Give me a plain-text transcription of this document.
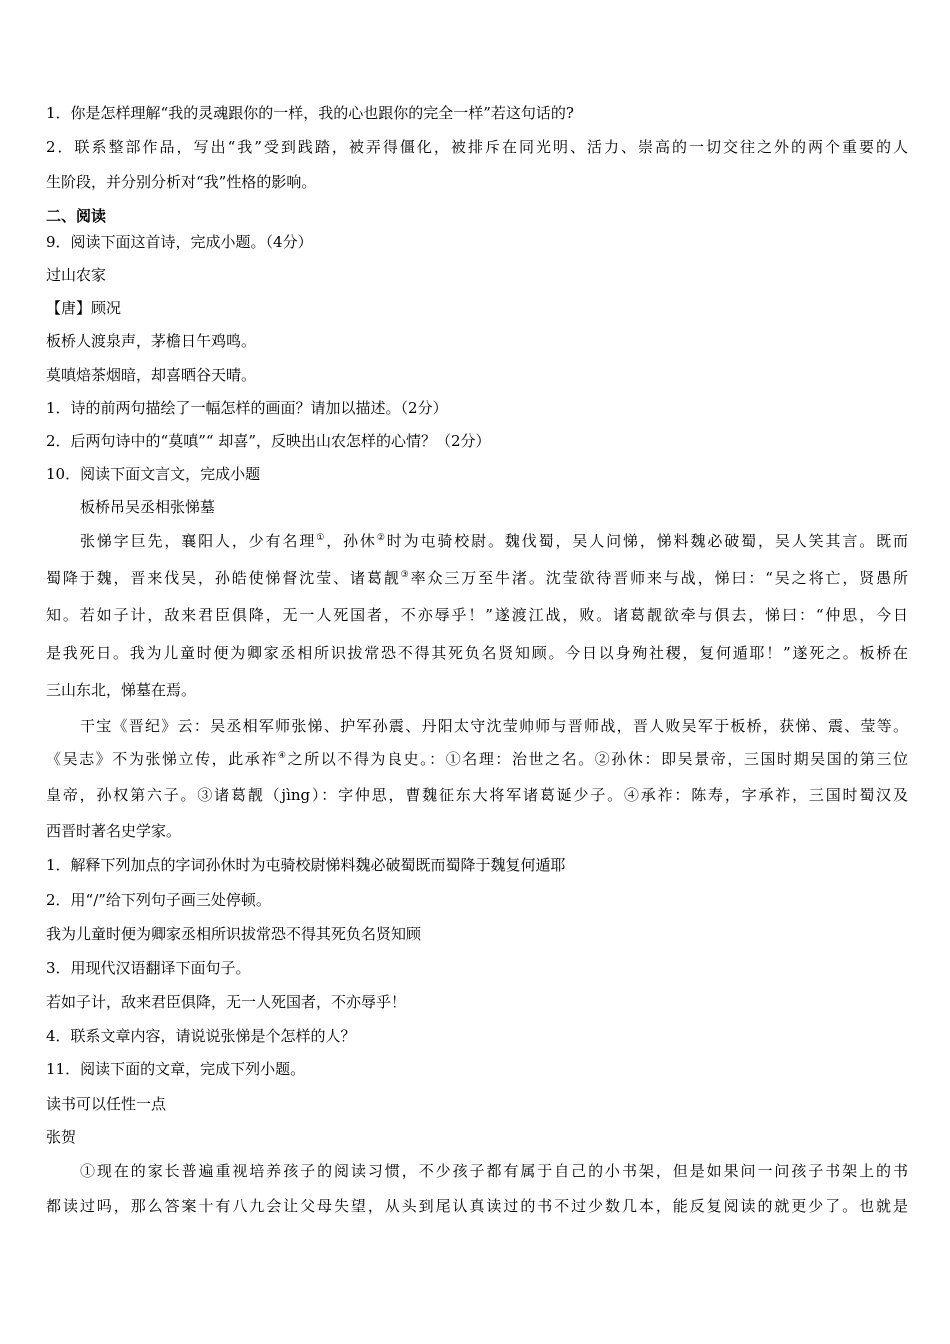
1．你是怎样理解“我的灵魂跟你的一样，我的心也跟你的完全一样”若这句话的?
2．联系整部作品，写出“我”受到践踏，被弄得僵化，被排斥在同光明、活力、崇高的一切交往之外的两个重要的人
生阶段，并分别分析对“我”性格的影响。
二、阅读
9．阅读下面这首诗，完成小题。（4分）
过山农家
【唐】顾况
板桥人渡泉声，茅檐日午鸡鸣。
莫嗔焙茶烟暗，却喜晒谷天晴。
1．诗的前两句描绘了一幅怎样的画面？请加以描述。（2分）
2．后两句诗中的“莫嗔”“ 却喜”，反映出山农怎样的心情？（2分）
10．阅读下面文言文，完成小题
板桥吊吴丞相张悌墓
张悌字巨先，襄阳人，少有名理①，孙休②时为屯骑校尉。魏伐蜀，吴人问悌，悌料魏必破蜀，吴人笑其言。既而
蜀降于魏，晋来伐吴，孙皓使悌督沈莹、诸葛靓③率众三万至牛渚。沈莹欲待晋师来与战，悌曰：“吴之将亡，贤愚所
知。若如子计，敌来君臣俱降，无一人死国者，不亦辱乎！”遂渡江战，败。诸葛靓欲牵与俱去，悌曰：“仲思，今日
是我死日。我为儿童时便为卿家丞相所识拔常恐不得其死负名贤知顾。今日以身殉社稷，复何遁耶！”遂死之。板桥在
三山东北，悌墓在焉。
干宝《晋纪》云：吴丞相军师张悌、护军孙震、丹阳太守沈莹帅师与晋师战，晋人败吴军于板桥，获悌、震、莹等。
《吴志》不为张悌立传，此承祚④之所以不得为良史。：①名理：治世之名。②孙休：即吴景帝，三国时期吴国的第三位
皇帝，孙权第六子。③诸葛靓（jìng）：字仲思，曹魏征东大将军诸葛诞少子。④承祚：陈寿，字承祚，三国时蜀汉及
西晋时著名史学家。
1．解释下列加点的字词孙休时为屯骑校尉悌料魏必破蜀既而蜀降于魏复何遁耶
2．用“/”给下列句子画三处停顿。
我为儿童时便为卿家丞相所识拔常恐不得其死负名贤知顾
3．用现代汉语翻译下面句子。
若如子计，敌来君臣俱降，无一人死国者，不亦辱乎！
4．联系文章内容，请说说张悌是个怎样的人？
11．阅读下面的文章，完成下列小题。
读书可以任性一点
张贺
①现在的家长普遍重视培养孩子的阅读习惯，不少孩子都有属于自己的小书架，但是如果问一问孩子书架上的书
都读过吗，那么答案十有八九会让父母失望，从头到尾认真读过的书不过少数几本，能反复阅读的就更少了。也就是
